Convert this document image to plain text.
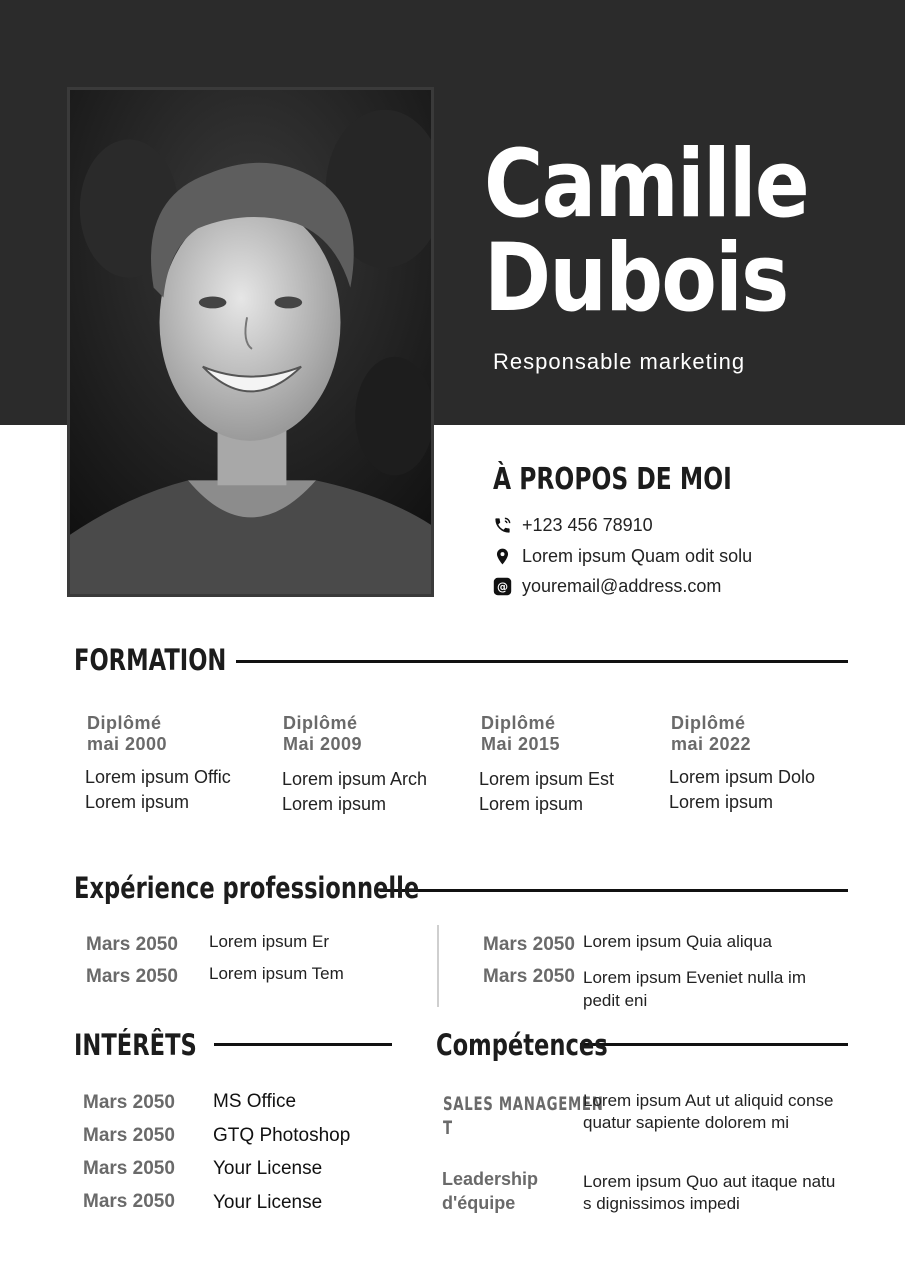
Camille
Dubois
Responsable marketing
À PROPOS DE MOI
+123 456 78910
Lorem ipsum Quam odit solu
@ youremail@address.com
FORMATION
Diplômé
mai 2000
Lorem ipsum Offic
Lorem ipsum
Diplômé
Mai 2009
Lorem ipsum Arch
Lorem ipsum
Diplômé
Mai 2015
Lorem ipsum Est
Lorem ipsum
Diplômé
mai 2022
Lorem ipsum Dolo
Lorem ipsum
Expérience professionnelle
Mars 2050 Lorem ipsum Er
Mars 2050 Lorem ipsum Tem
Mars 2050 Lorem ipsum Quia aliqua
Mars 2050 Lorem ipsum Eveniet nulla im
pedit eni
INTÉRÊTS
Mars 2050 MS Office
Mars 2050 GTQ Photoshop
Mars 2050 Your License
Mars 2050 Your License
Compétences
SALES MANAGEMEN
T
Lorem ipsum Aut ut aliquid conse
quatur sapiente dolorem mi
Leadership
d'équipe
Lorem ipsum Quo aut itaque natu
s dignissimos impedi
